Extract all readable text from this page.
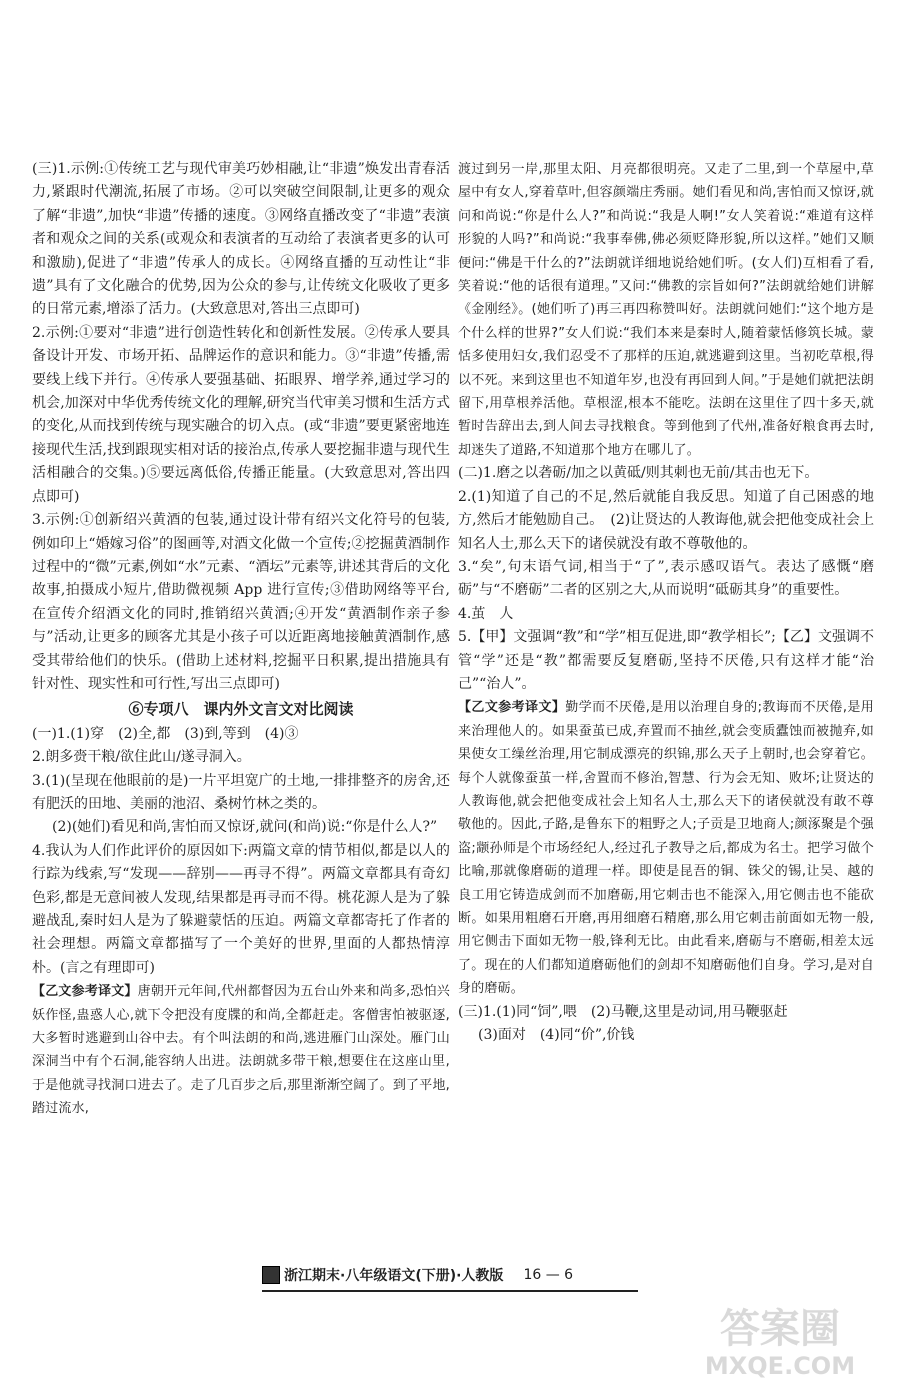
(三)1.示例:①传统工艺与现代审美巧妙相融,让“非遗”焕发出青春活力,紧跟时代潮流,拓展了市场。②可以突破空间限制,让更多的观众了解“非遗”,加快“非遗”传播的速度。③网络直播改变了“非遗”表演者和观众之间的关系(或观众和表演者的互动给了表演者更多的认可和激励),促进了“非遗”传承人的成长。④网络直播的互动性让“非遗”具有了文化融合的优势,因为公众的参与,让传统文化吸收了更多的日常元素,增添了活力。(大致意思对,答出三点即可)

2.示例:①要对“非遗”进行创造性转化和创新性发展。②传承人要具备设计开发、市场开拓、品牌运作的意识和能力。③“非遗”传播,需要线上线下并行。④传承人要强基础、拓眼界、增学养,通过学习的机会,加深对中华优秀传统文化的理解,研究当代审美习惯和生活方式的变化,从而找到传统与现实融合的切入点。(或“非遗”要更紧密地连接现代生活,找到跟现实相对话的接治点,传承人要挖掘非遗与现代生活相融合的交集。)⑤要远离低俗,传播正能量。(大致意思对,答出四点即可)

3.示例:①创新绍兴黄酒的包装,通过设计带有绍兴文化符号的包装,例如印上“婚嫁习俗”的图画等,对酒文化做一个宣传;②挖掘黄酒制作过程中的“微”元素,例如“水”元素、“酒坛”元素等,讲述其背后的文化故事,拍摄成小短片,借助微视频 App 进行宣传;③借助网络等平台,在宣传介绍酒文化的同时,推销绍兴黄酒;④开发“黄酒制作亲子参与”活动,让更多的顾客尤其是小孩子可以近距离地接触黄酒制作,感受其带给他们的快乐。(借助上述材料,挖掘平日积累,提出措施具有针对性、现实性和可行性,写出三点即可)

⑥专项八　课内外文言文对比阅读

(一)1.(1)穿　(2)全,都　(3)到,等到　(4)③

2.朗多赍干粮/欲住此山/遂寻洞入。

3.(1)(呈现在他眼前的是)一片平坦宽广的土地,一排排整齐的房舍,还有肥沃的田地、美丽的池沼、桑树竹林之类的。

(2)(她们)看见和尚,害怕而又惊讶,就问(和尚)说:“你是什么人?”

4.我认为人们作此评价的原因如下:两篇文章的情节相似,都是以人的行踪为线索,写“发现——辞别——再寻不得”。两篇文章都具有奇幻色彩,都是无意间被人发现,结果都是再寻而不得。桃花源人是为了躲避战乱,秦时妇人是为了躲避蒙恬的压迫。两篇文章都寄托了作者的社会理想。两篇文章都描写了一个美好的世界,里面的人都热情淳朴。(言之有理即可)

【乙文参考译文】唐朝开元年间,代州都督因为五台山外来和尚多,恐怕兴妖作怪,蛊惑人心,就下令把没有度牒的和尚,全都赶走。客僧害怕被驱逐,大多暂时逃避到山谷中去。有个叫法朗的和尚,逃进雁门山深处。雁门山深洞当中有个石洞,能容纳人出进。法朗就多带干粮,想要住在这座山里,于是他就寻找洞口进去了。走了几百步之后,那里渐渐空阔了。到了平地,踏过流水,

渡过到另一岸,那里太阳、月亮都很明亮。又走了二里,到一个草屋中,草屋中有女人,穿着草叶,但容颜端庄秀丽。她们看见和尚,害怕而又惊讶,就问和尚说:“你是什么人?”和尚说:“我是人啊!”女人笑着说:“难道有这样形貌的人吗?”和尚说:“我事奉佛,佛必须贬降形貌,所以这样。”她们又顺便问:“佛是干什么的?”法朗就详细地说给她们听。(女人们)互相看了看,笑着说:“他的话很有道理。”又问:“佛教的宗旨如何?”法朗就给她们讲解《金刚经》。(她们听了)再三再四称赞叫好。法朗就问她们:“这个地方是个什么样的世界?”女人们说:“我们本来是秦时人,随着蒙恬修筑长城。蒙恬多使用妇女,我们忍受不了那样的压迫,就逃避到这里。当初吃草根,得以不死。来到这里也不知道年岁,也没有再回到人间。”于是她们就把法朗留下,用草根养活他。草根涩,根本不能吃。法朗在这里住了四十多天,就暂时告辞出去,到人间去寻找粮食。等到他到了代州,准备好粮食再去时,却迷失了道路,不知道那个地方在哪儿了。

(二)1.磨之以砻砺/加之以黄砥/则其刺也无前/其击也无下。

2.(1)知道了自己的不足,然后就能自我反思。知道了自己困惑的地方,然后才能勉励自己。　(2)让贤达的人教诲他,就会把他变成社会上知名人士,那么天下的诸侯就没有敢不尊敬他的。

3.“矣”,句末语气词,相当于“了”,表示感叹语气。表达了感慨“磨砺”与“不磨砺”二者的区别之大,从而说明“砥砺其身”的重要性。

4.茧　人

5.【甲】文强调“教”和“学”相互促进,即“教学相长”;【乙】文强调不管“学”还是“教”都需要反复磨砺,坚持不厌倦,只有这样才能“治己”“治人”。

【乙文参考译文】勤学而不厌倦,是用以治理自身的;教诲而不厌倦,是用来治理他人的。如果蚕茧已成,弃置而不抽丝,就会变质蠹蚀而被抛弃,如果使女工缲丝治理,用它制成漂亮的织锦,那么天子上朝时,也会穿着它。每个人就像蚕茧一样,舍置而不修治,智慧、行为会无知、败坏;让贤达的人教诲他,就会把他变成社会上知名人士,那么天下的诸侯就没有敢不尊敬他的。因此,子路,是鲁东下的粗野之人;子贡是卫地商人;颜涿聚是个强盗;颛孙师是个市场经纪人,经过孔子教导之后,都成为名士。把学习做个比喻,那就像磨砺的道理一样。即使是昆吾的铜、铢父的锡,让吴、越的良工用它铸造成剑而不加磨砺,用它刺击也不能深入,用它侧击也不能砍断。如果用粗磨石开磨,再用细磨石精磨,那么用它刺击前面如无物一般,用它侧击下面如无物一般,锋利无比。由此看来,磨砺与不磨砺,相差太远了。现在的人们都知道磨砺他们的剑却不知磨砺他们自身。学习,是对自身的磨砺。

(三)1.(1)同“饲”,喂　(2)马鞭,这里是动词,用马鞭驱赶

(3)面对　(4)同“价”,价钱

浙江期末·八年级语文(下册)·人教版 16 — 6
答案圈
MXQE.COM
